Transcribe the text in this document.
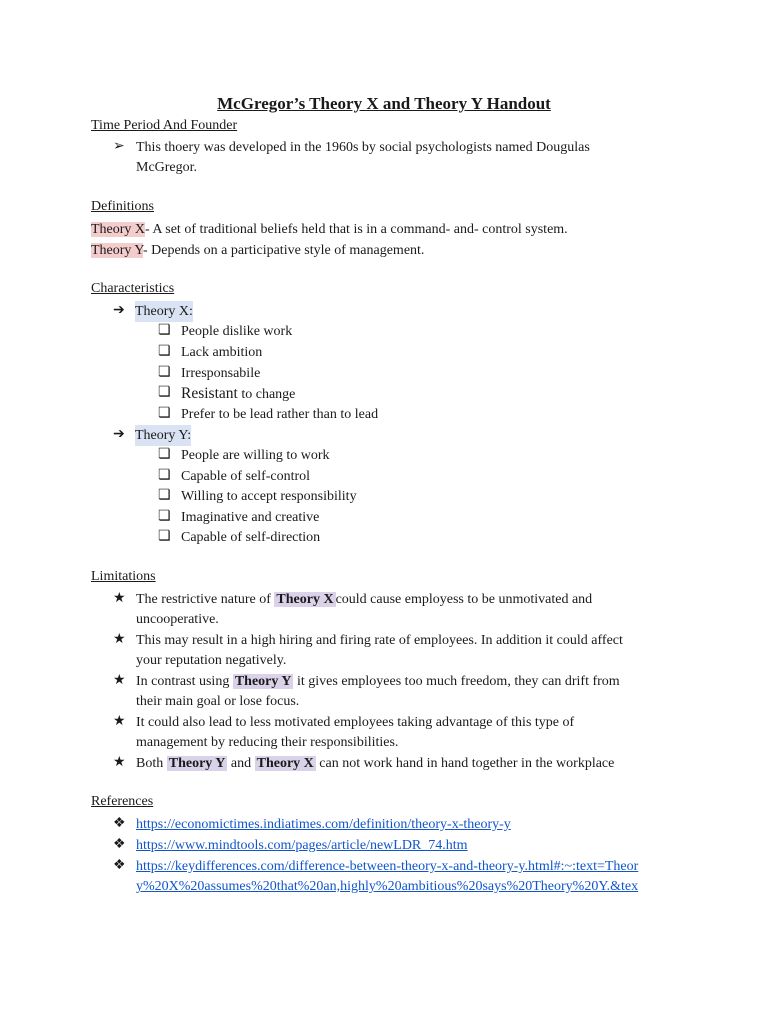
McGregor’s Theory X and Theory Y Handout
Time Period And Founder
➢ This thoery was developed in the 1960s by social psychologists named Dougulas
McGregor.
Definitions
Theory X- A set of traditional beliefs held that is in a command- and- control system.
Theory Y- Depends on a participative style of management.
Characteristics
➔ Theory X:
❏ People dislike work
❏ Lack ambition
❏ Irresponsabile
❏ Resistant to change
❏ Prefer to be lead rather than to lead
➔ Theory Y:
❏ People are willing to work
❏ Capable of self-control
❏ Willing to accept responsibility
❏ Imaginative and creative
❏ Capable of self-direction
Limitations
★ The restrictive nature of Theory X could cause employess to be unmotivated and
uncooperative.
★ This may result in a high hiring and firing rate of employees. In addition it could affect
your reputation negatively.
★ In contrast using Theory Y it gives employees too much freedom, they can drift from
their main goal or lose focus.
★ It could also lead to less motivated employees taking advantage of this type of
management by reducing their responsibilities.
★ Both Theory Y and Theory X can not work hand in hand together in the workplace
References
❖ https://economictimes.indiatimes.com/definition/theory-x-theory-y
❖ https://www.mindtools.com/pages/article/newLDR_74.htm
❖ https://keydifferences.com/difference-between-theory-x-and-theory-y.html#:~:text=Theor
y%20X%20assumes%20that%20an,highly%20ambitious%20says%20Theory%20Y.&tex
